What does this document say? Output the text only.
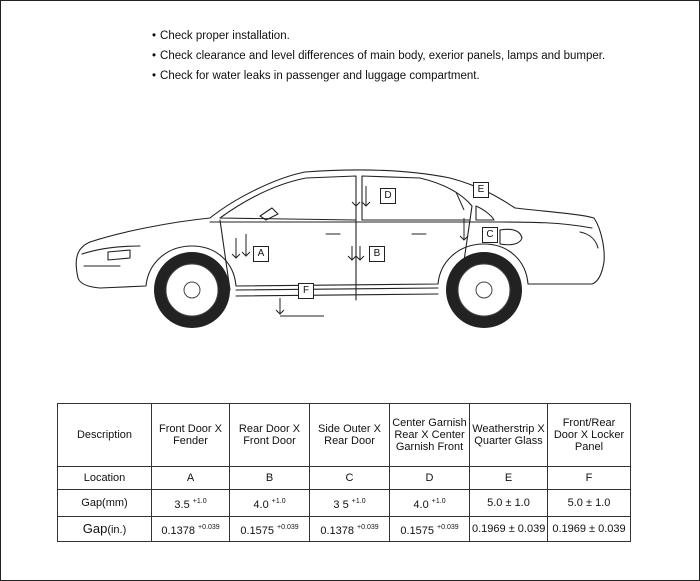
• Check proper installation.
• Check clearance and level differences of main body, exerior panels, lamps and bumper.
• Check for water leaks in passenger and luggage compartment.
A	B
C
D
E
F
Description	Front Door X Fender	Rear Door X Front Door	Side Outer X Rear Door	Center Garnish Rear X Center Garnish Front	Weatherstrip X Quarter Glass	Front/Rear Door X Locker Panel
Location	A	B	C	D	E	F
Gap(mm)	3.5 $^{+1.0}$	4.0 $^{+1.0}$	3 5 $^{+1.0}$	4.0 $^{+1.0}$	5.0 ± 1.0	5.0 ± 1.0
Gap(in.)	0.1378 $^{+0.039}$	0.1575 $^{+0.039}$	0.1378 $^{+0.039}$	0.1575 $^{+0.039}$	0.1969 ± 0.039	0.1969 ± 0.039
